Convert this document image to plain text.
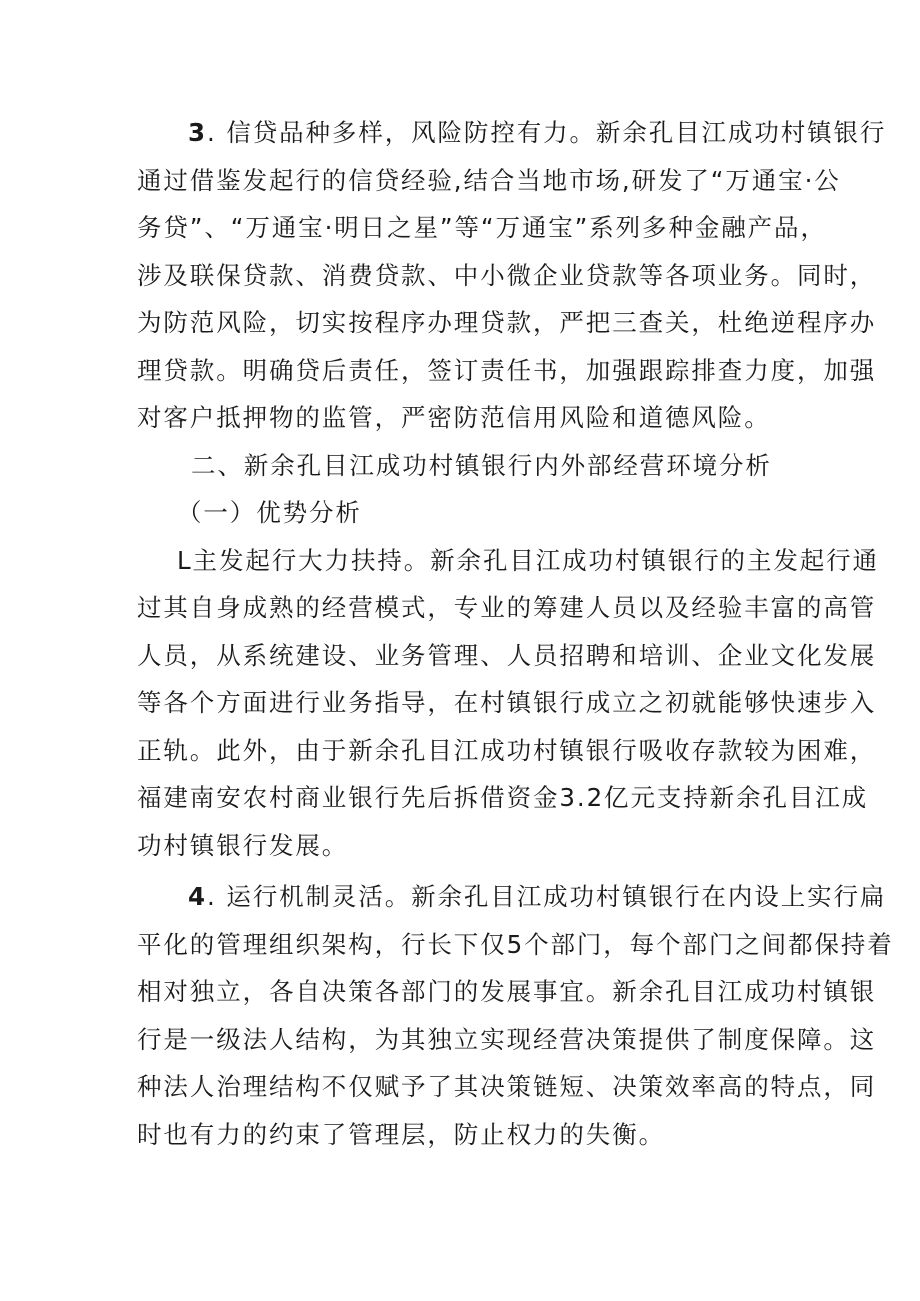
3. 信贷品种多样，风险防控有力。新余孔目江成功村镇银行
通过借鉴发起行的信贷经验,结合当地市场,研发了“万通宝·公
务贷”、“万通宝·明日之星”等“万通宝”系列多种金融产品，
涉及联保贷款、消费贷款、中小微企业贷款等各项业务。同时，
为防范风险，切实按程序办理贷款，严把三查关，杜绝逆程序办
理贷款。明确贷后责任，签订责任书，加强跟踪排查力度，加强
对客户抵押物的监管，严密防范信用风险和道德风险。
二、新余孔目江成功村镇银行内外部经营环境分析
（一）优势分析
L主发起行大力扶持。新余孔目江成功村镇银行的主发起行通
过其自身成熟的经营模式，专业的筹建人员以及经验丰富的高管
人员，从系统建设、业务管理、人员招聘和培训、企业文化发展
等各个方面进行业务指导，在村镇银行成立之初就能够快速步入
正轨。此外，由于新余孔目江成功村镇银行吸收存款较为困难，
福建南安农村商业银行先后拆借资金3.2亿元支持新余孔目江成
功村镇银行发展。
4. 运行机制灵活。新余孔目江成功村镇银行在内设上实行扁
平化的管理组织架构，行长下仅5个部门，每个部门之间都保持着
相对独立，各自决策各部门的发展事宜。新余孔目江成功村镇银
行是一级法人结构，为其独立实现经营决策提供了制度保障。这
种法人治理结构不仅赋予了其决策链短、决策效率高的特点，同
时也有力的约束了管理层，防止权力的失衡。
